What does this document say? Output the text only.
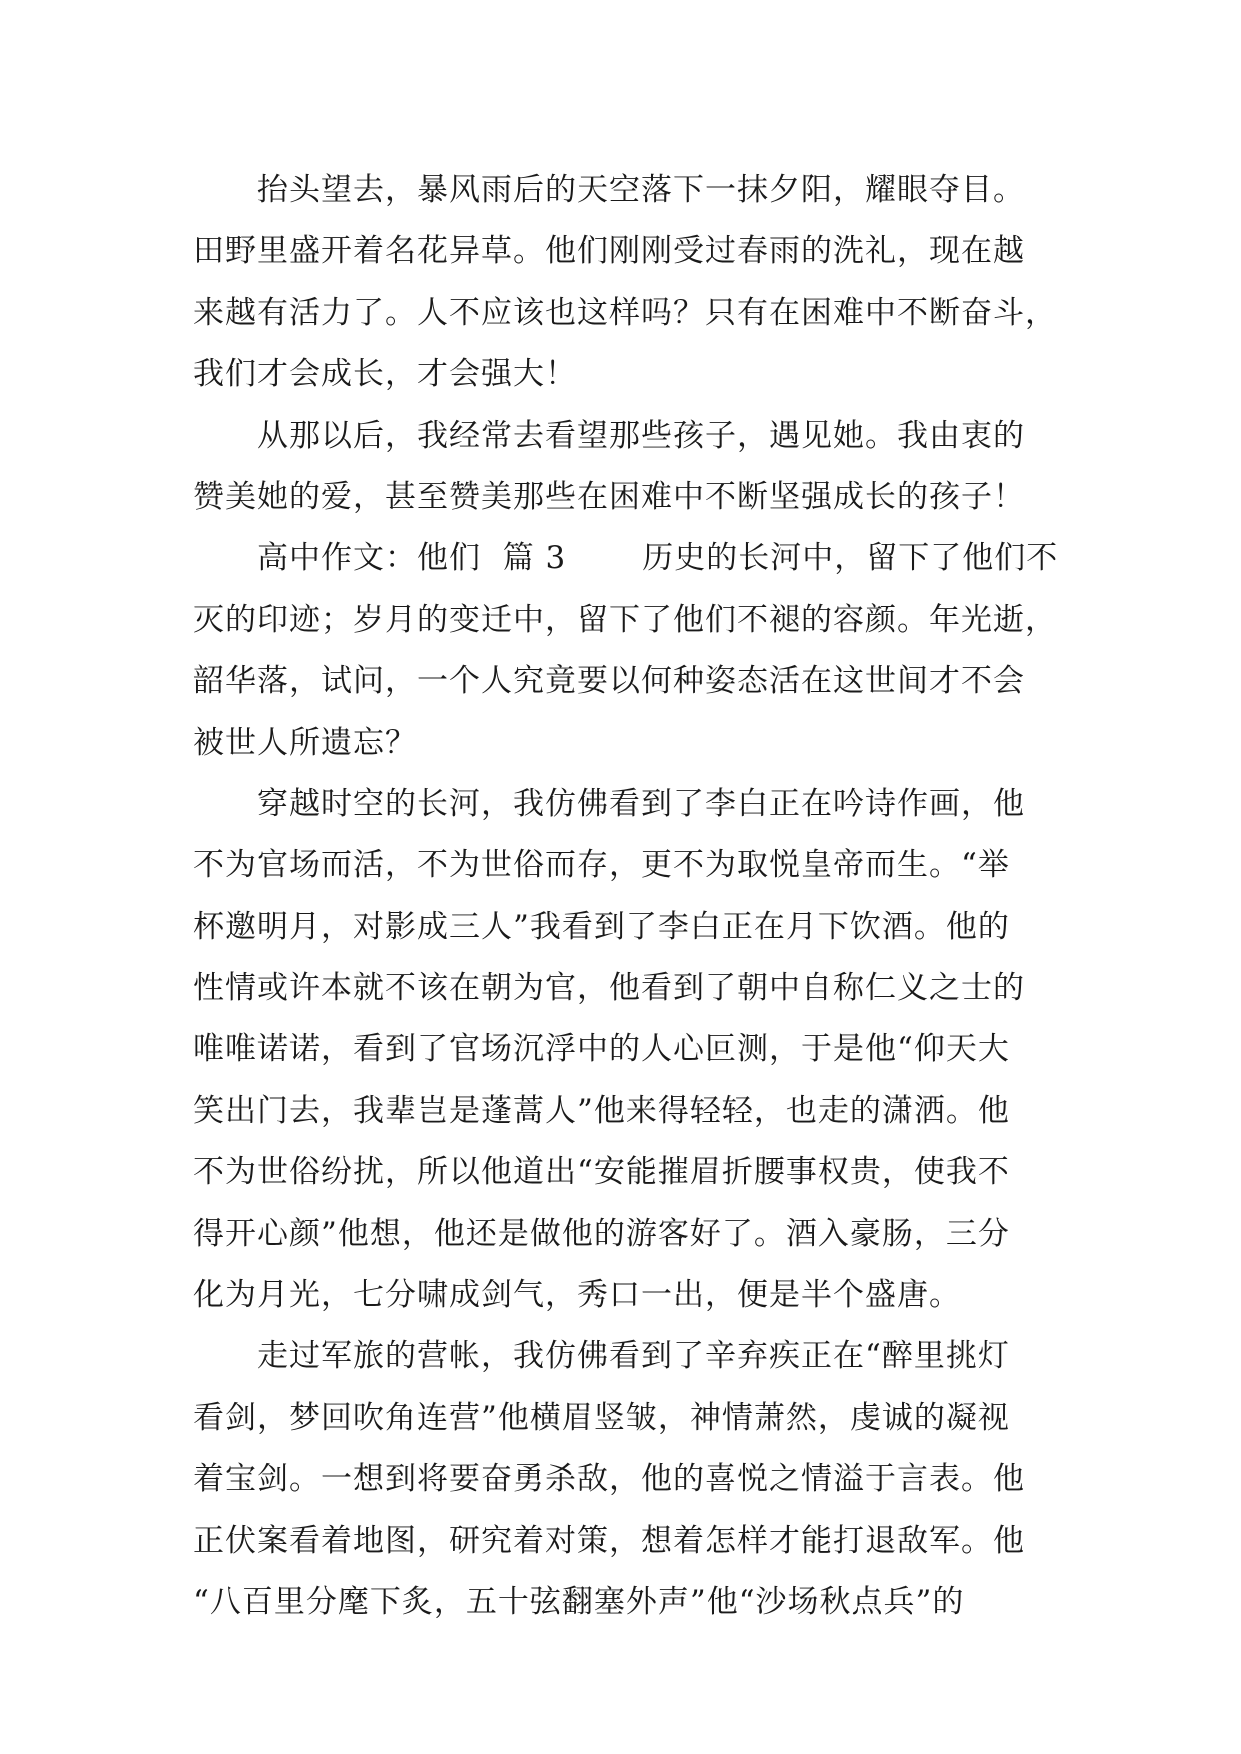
抬头望去，暴风雨后的天空落下一抹夕阳，耀眼夺目。
田野里盛开着名花异草。他们刚刚受过春雨的洗礼，现在越
来越有活力了。人不应该也这样吗？只有在困难中不断奋斗，
我们才会成长，才会强大！
从那以后，我经常去看望那些孩子，遇见她。我由衷的
赞美她的爱，甚至赞美那些在困难中不断坚强成长的孩子！
高中作文：他们  篇 3       历史的长河中，留下了他们不
灭的印迹；岁月的变迁中，留下了他们不褪的容颜。年光逝，
韶华落，试问，一个人究竟要以何种姿态活在这世间才不会
被世人所遗忘？
穿越时空的长河，我仿佛看到了李白正在吟诗作画，他
不为官场而活，不为世俗而存，更不为取悦皇帝而生。“举
杯邀明月，对影成三人”我看到了李白正在月下饮酒。他的
性情或许本就不该在朝为官，他看到了朝中自称仁义之士的
唯唯诺诺，看到了官场沉浮中的人心叵测，于是他“仰天大
笑出门去，我辈岂是蓬蒿人”他来得轻轻，也走的潇洒。他
不为世俗纷扰，所以他道出“安能摧眉折腰事权贵，使我不
得开心颜”他想，他还是做他的游客好了。酒入豪肠，三分
化为月光，七分啸成剑气，秀口一出，便是半个盛唐。
走过军旅的营帐，我仿佛看到了辛弃疾正在“醉里挑灯
看剑，梦回吹角连营”他横眉竖皱，神情萧然，虔诚的凝视
着宝剑。一想到将要奋勇杀敌，他的喜悦之情溢于言表。他
正伏案看着地图，研究着对策，想着怎样才能打退敌军。他
“八百里分麾下炙，五十弦翻塞外声”他“沙场秋点兵”的
